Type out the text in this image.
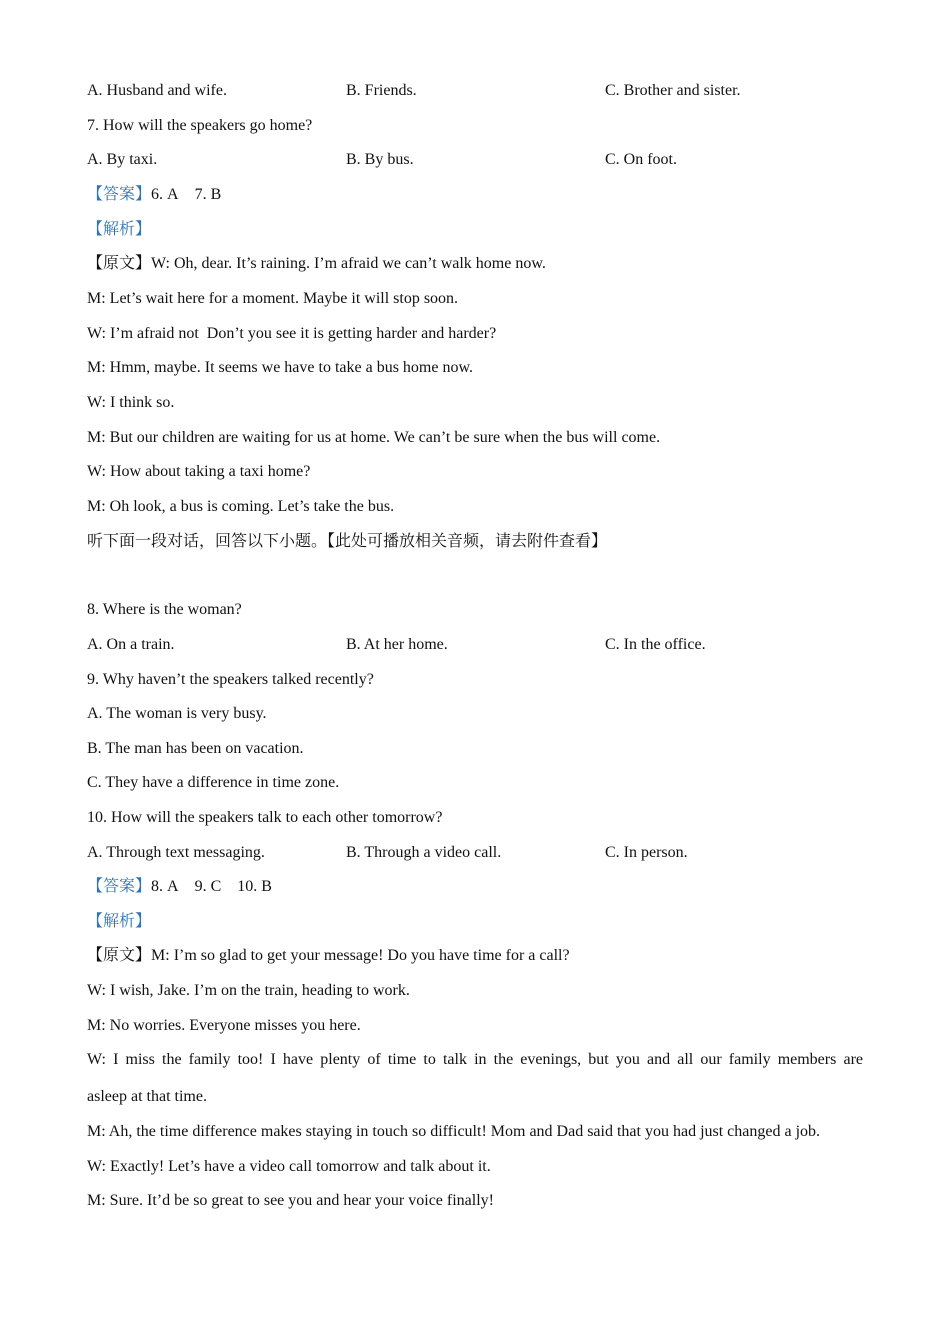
A. Husband and wife.	B. Friends.	C. Brother and sister.
7. How will the speakers go home?
A. By taxi.	B. By bus.	C. On foot.
【答案】6. A    7. B
【解析】
【原文】W: Oh, dear. It’s raining. I’m afraid we can’t walk home now.
M: Let’s wait here for a moment. Maybe it will stop soon.
W: I’m afraid not  Don’t you see it is getting harder and harder?
M: Hmm, maybe. It seems we have to take a bus home now.
W: I think so.
M: But our children are waiting for us at home. We can’t be sure when the bus will come.
W: How about taking a taxi home?
M: Oh look, a bus is coming. Let’s take the bus.
听下面一段对话，回答以下小题。【此处可播放相关音频，请去附件查看】
8. Where is the woman?
A. On a train.	B. At her home.	C. In the office.
9. Why haven’t the speakers talked recently?
A. The woman is very busy.
B. The man has been on vacation.
C. They have a difference in time zone.
10. How will the speakers talk to each other tomorrow?
A. Through text messaging.	B. Through a video call.	C. In person.
【答案】8. A    9. C    10. B
【解析】
【原文】M: I’m so glad to get your message! Do you have time for a call?
W: I wish, Jake. I’m on the train, heading to work.
M: No worries. Everyone misses you here.
W: I miss the family too! I have plenty of time to talk in the evenings, but you and all our family members are
asleep at that time.
M: Ah, the time difference makes staying in touch so difficult! Mom and Dad said that you had just changed a job.
W: Exactly! Let’s have a video call tomorrow and talk about it.
M: Sure. It’d be so great to see you and hear your voice finally!
